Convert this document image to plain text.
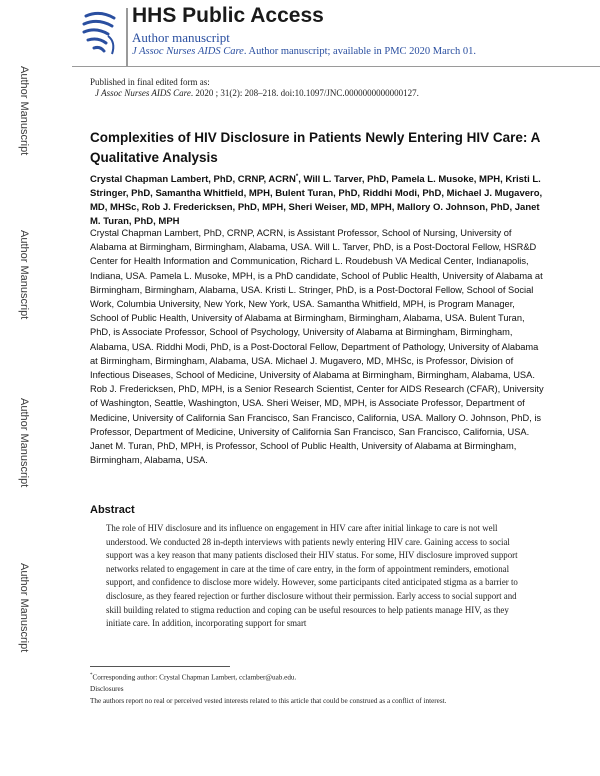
HHS Public Access
Author manuscript
J Assoc Nurses AIDS Care. Author manuscript; available in PMC 2020 March 01.
Author Manuscript
Author Manuscript
Author Manuscript
Author Manuscript
Published in final edited form as:
J Assoc Nurses AIDS Care. 2020 ; 31(2): 208–218. doi:10.1097/JNC.0000000000000127.
Complexities of HIV Disclosure in Patients Newly Entering HIV Care: A Qualitative Analysis
Crystal Chapman Lambert, PhD, CRNP, ACRN*, Will L. Tarver, PhD, Pamela L. Musoke, MPH, Kristi L. Stringer, PhD, Samantha Whitfield, MPH, Bulent Turan, PhD, Riddhi Modi, PhD, Michael J. Mugavero, MD, MHSc, Rob J. Fredericksen, PhD, MPH, Sheri Weiser, MD, MPH, Mallory O. Johnson, PhD, Janet M. Turan, PhD, MPH
Crystal Chapman Lambert, PhD, CRNP, ACRN, is Assistant Professor, School of Nursing, University of Alabama at Birmingham, Birmingham, Alabama, USA. Will L. Tarver, PhD, is a Post-Doctoral Fellow, HSR&D Center for Health Information and Communication, Richard L. Roudebush VA Medical Center, Indianapolis, Indiana, USA. Pamela L. Musoke, MPH, is a PhD candidate, School of Public Health, University of Alabama at Birmingham, Birmingham, Alabama, USA. Kristi L. Stringer, PhD, is a Post-Doctoral Fellow, School of Social Work, Columbia University, New York, New York, USA. Samantha Whitfield, MPH, is Program Manager, School of Public Health, University of Alabama at Birmingham, Birmingham, Alabama, USA. Bulent Turan, PhD, is Associate Professor, School of Psychology, University of Alabama at Birmingham, Birmingham, Alabama, USA. Riddhi Modi, PhD, is a Post-Doctoral Fellow, Department of Pathology, University of Alabama at Birmingham, Birmingham, Alabama, USA. Michael J. Mugavero, MD, MHSc, is Professor, Division of Infectious Diseases, School of Medicine, University of Alabama at Birmingham, Birmingham, Alabama, USA. Rob J. Fredericksen, PhD, MPH, is a Senior Research Scientist, Center for AIDS Research (CFAR), University of Washington, Seattle, Washington, USA. Sheri Weiser, MD, MPH, is Associate Professor, Department of Medicine, University of California San Francisco, San Francisco, California, USA. Mallory O. Johnson, PhD, is Professor, Department of Medicine, University of California San Francisco, San Francisco, California, USA. Janet M. Turan, PhD, MPH, is Professor, School of Public Health, University of Alabama at Birmingham, Birmingham, Alabama, USA.
Abstract
The role of HIV disclosure and its influence on engagement in HIV care after initial linkage to care is not well understood. We conducted 28 in-depth interviews with patients newly entering HIV care. Gaining access to social support was a key reason that many patients disclosed their HIV status. For some, HIV disclosure improved support networks related to engagement in care at the time of care entry, in the form of appointment reminders, emotional support, and confidence to disclose more widely. However, some participants cited anticipated stigma as a barrier to disclosure, as they feared rejection or further disclosure without their permission. Early access to social support and skill building related to stigma reduction and coping can be useful resources to help patients manage HIV, as they initiate care. In addition, incorporating support for smart
*Corresponding author: Crystal Chapman Lambert, cclamber@uab.edu.
Disclosures
The authors report no real or perceived vested interests related to this article that could be construed as a conflict of interest.
